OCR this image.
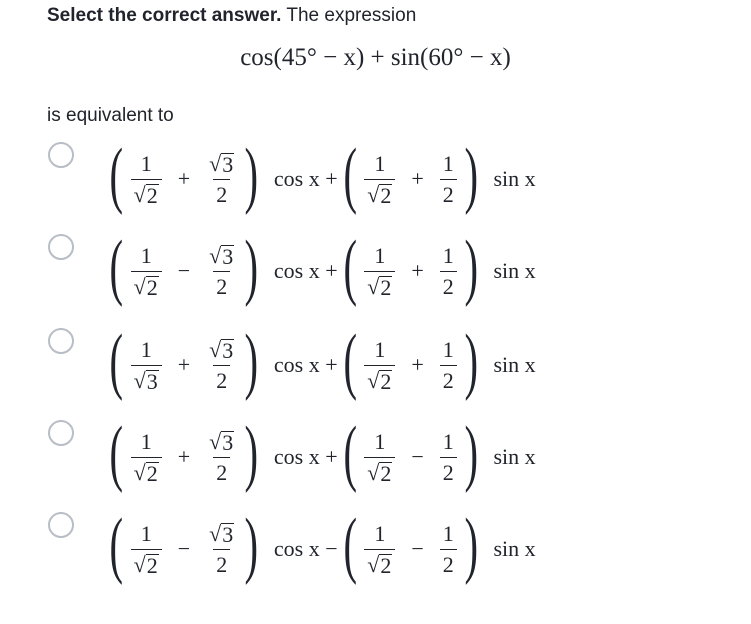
Select the correct answer. The expression
cos(45° − x) + sin(60° − x)
is equivalent to
( $\frac{1}{√ 2} + \frac{√ 3}{2}$ ) cos x + ( $\frac{1}{√ 2} + \frac{1}{2}$ ) sin x
( $\frac{1}{√ 2} - \frac{√ 3}{2}$ ) cos x + ( $\frac{1}{√ 2} + \frac{1}{2}$ ) sin x
( $\frac{1}{√ 3} + \frac{√ 3}{2}$ ) cos x + ( $\frac{1}{√ 2} + \frac{1}{2}$ ) sin x
( $\frac{1}{√ 2} + \frac{√ 3}{2}$ ) cos x + ( $\frac{1}{√ 2} - \frac{1}{2}$ ) sin x
( $\frac{1}{√ 2} - \frac{√ 3}{2}$ ) cos x − ( $\frac{1}{√ 2} - \frac{1}{2}$ ) sin x
